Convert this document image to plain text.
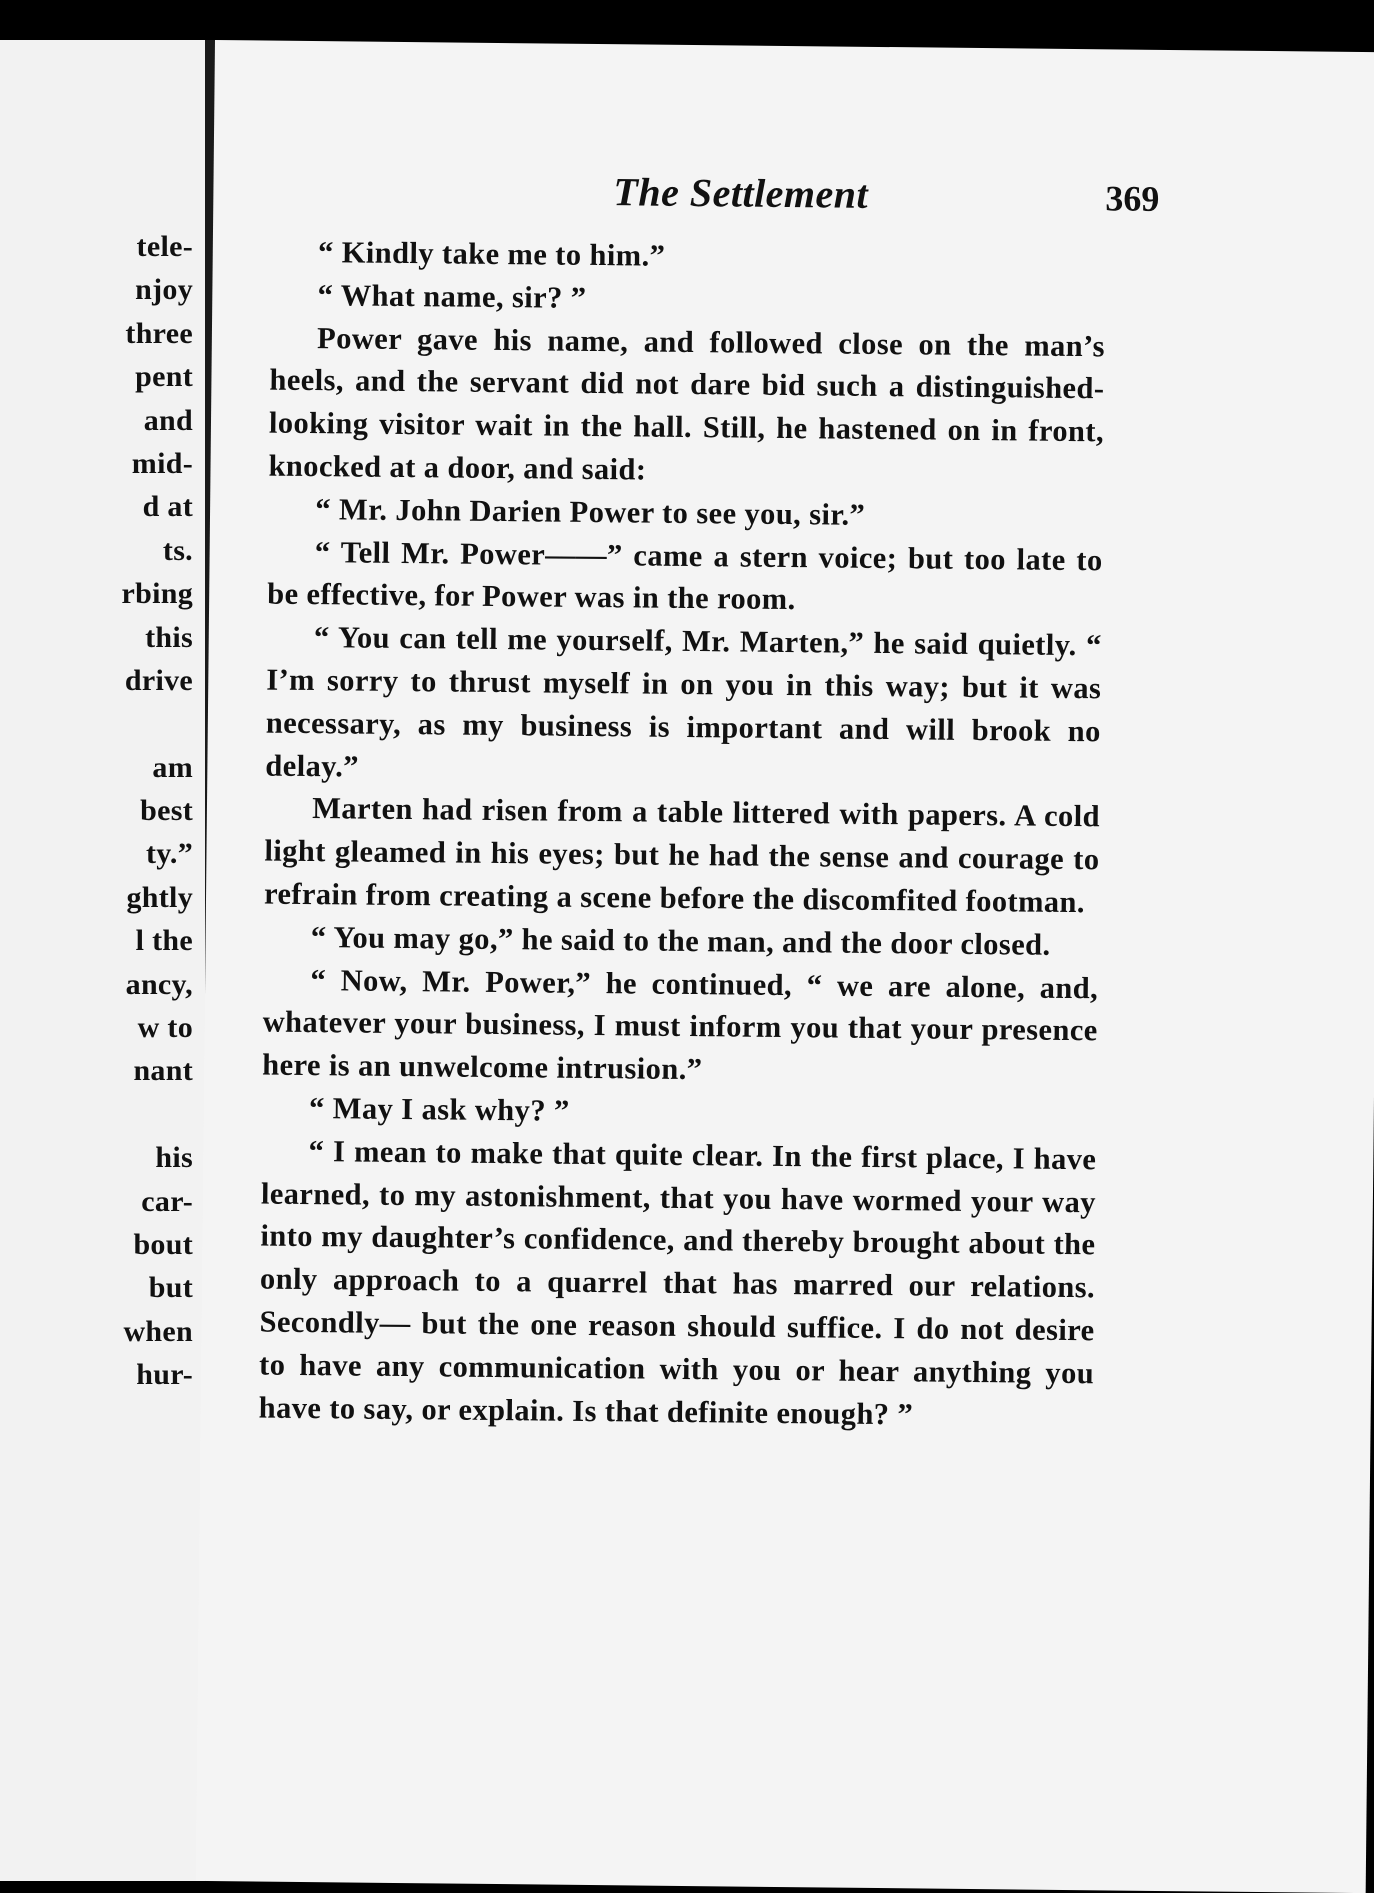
tele-
njoy
three
pent
and
mid-
d at
ts.
rbing
this
drive
am
best
ty.”
ghtly
l the
ancy,
w to
nant
his
car-
bout
but
when
hur-
The Settlement	369

“ Kindly take me to him.”

“ What name, sir? ”

Power gave his name, and followed close on the man’s heels, and the servant did not dare bid such a distinguished-looking visitor wait in the hall. Still, he hastened on in front, knocked at a door, and said:

“ Mr. John Darien Power to see you, sir.”

“ Tell Mr. Power——” came a stern voice; but too late to be effective, for Power was in the room.

“ You can tell me yourself, Mr. Marten,” he said quietly. “ I’m sorry to thrust myself in on you in this way; but it was necessary, as my business is important and will brook no delay.”

Marten had risen from a table littered with papers. A cold light gleamed in his eyes; but he had the sense and courage to refrain from creating a scene before the discomfited footman.

“ You may go,” he said to the man, and the door closed.

“ Now, Mr. Power,” he continued, “ we are alone, and, whatever your business, I must inform you that your presence here is an unwelcome intrusion.”

“ May I ask why? ”

“ I mean to make that quite clear. In the first place, I have learned, to my astonishment, that you have wormed your way into my daughter’s confidence, and thereby brought about the only approach to a quarrel that has marred our relations. Secondly— but the one reason should suffice. I do not desire to have any communication with you or hear anything you have to say, or explain. Is that definite enough? ”
